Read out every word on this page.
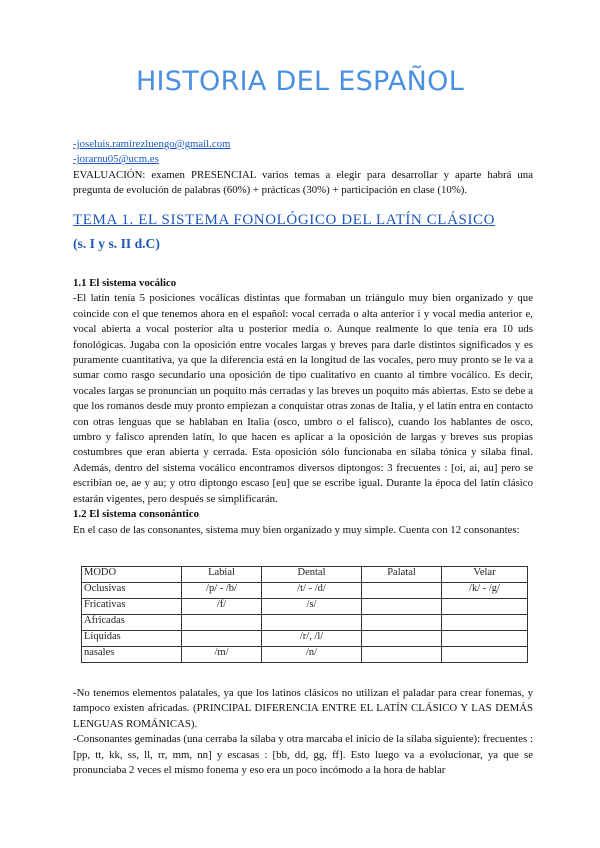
HISTORIA DEL ESPAÑOL
-joseluis.ramirezluengo@gmail.com
-jorarnu05@ucm.es
EVALUACIÓN: examen PRESENCIAL varios temas a elegir para desarrollar y aparte habrá una pregunta de evolución de palabras (60%) + prácticas (30%) + participación en clase (10%).
TEMA 1. EL SISTEMA FONOLÓGICO DEL LATÍN CLÁSICO
(s. I y s. II d.C)
1.1 El sistema vocálico
-El latín tenía 5 posiciones vocálicas distintas que formaban un triángulo muy bien organizado y que coincide con el que tenemos ahora en el español: vocal cerrada o alta anterior i y vocal media anterior e, vocal abierta a vocal posterior alta u posterior media o. Aunque realmente lo que tenía era 10 uds fonológicas. Jugaba con la oposición entre vocales largas y breves para darle distintos significados y es puramente cuantitativa, ya que la diferencia está en la longitud de las vocales, pero muy pronto se le va a sumar como rasgo secundario una oposición de tipo cualitativo en cuanto al timbre vocálico. Es decir, vocales largas se pronuncian un poquito más cerradas y las breves un poquito más abiertas. Esto se debe a que los romanos desde muy pronto empiezan a conquistar otras zonas de Italia, y el latín entra en contacto con otras lenguas que se hablaban en Italia (osco, umbro o el falisco), cuando los hablantes de osco, umbro y falisco aprenden latín, lo que hacen es aplicar a la oposición de largas y breves sus propias costumbres que eran abierta y cerrada. Esta oposición sólo funcionaba en sílaba tónica y sílaba final. Además, dentro del sistema vocálico encontramos diversos diptongos: 3 frecuentes : [oi, ai, au] pero se escribían oe, ae y au; y otro diptongo escaso [eu] que se escribe igual. Durante la época del latín clásico estarán vigentes, pero después se simplificarán.
1.2 El sistema consonántico
En el caso de las consonantes, sistema muy bien organizado y muy simple. Cuenta con 12 consonantes:
MODO	Labial	Dental	Palatal	Velar
Oclusivas	/p/ - /b/	/t/ - /d/		/k/ - /g/
Fricativas	/f/	/s/		
Africadas				
Líquidas		/r/, /l/		
nasales	/m/	/n/		
-No tenemos elementos palatales, ya que los latinos clásicos no utilizan el paladar para crear fonemas, y tampoco existen africadas. (PRINCIPAL DIFERENCIA ENTRE EL LATÍN CLÁSICO Y LAS DEMÁS LENGUAS ROMÁNICAS).
-Consonantes geminadas (una cerraba la sílaba y otra marcaba el inicio de la sílaba siguiente): frecuentes : [pp, tt, kk, ss, ll, rr, mm, nn] y escasas : [bb, dd, gg, ff]. Esto luego va a evolucionar, ya que se pronunciaba 2 veces el mismo fonema y eso era un poco incómodo a la hora de hablar
